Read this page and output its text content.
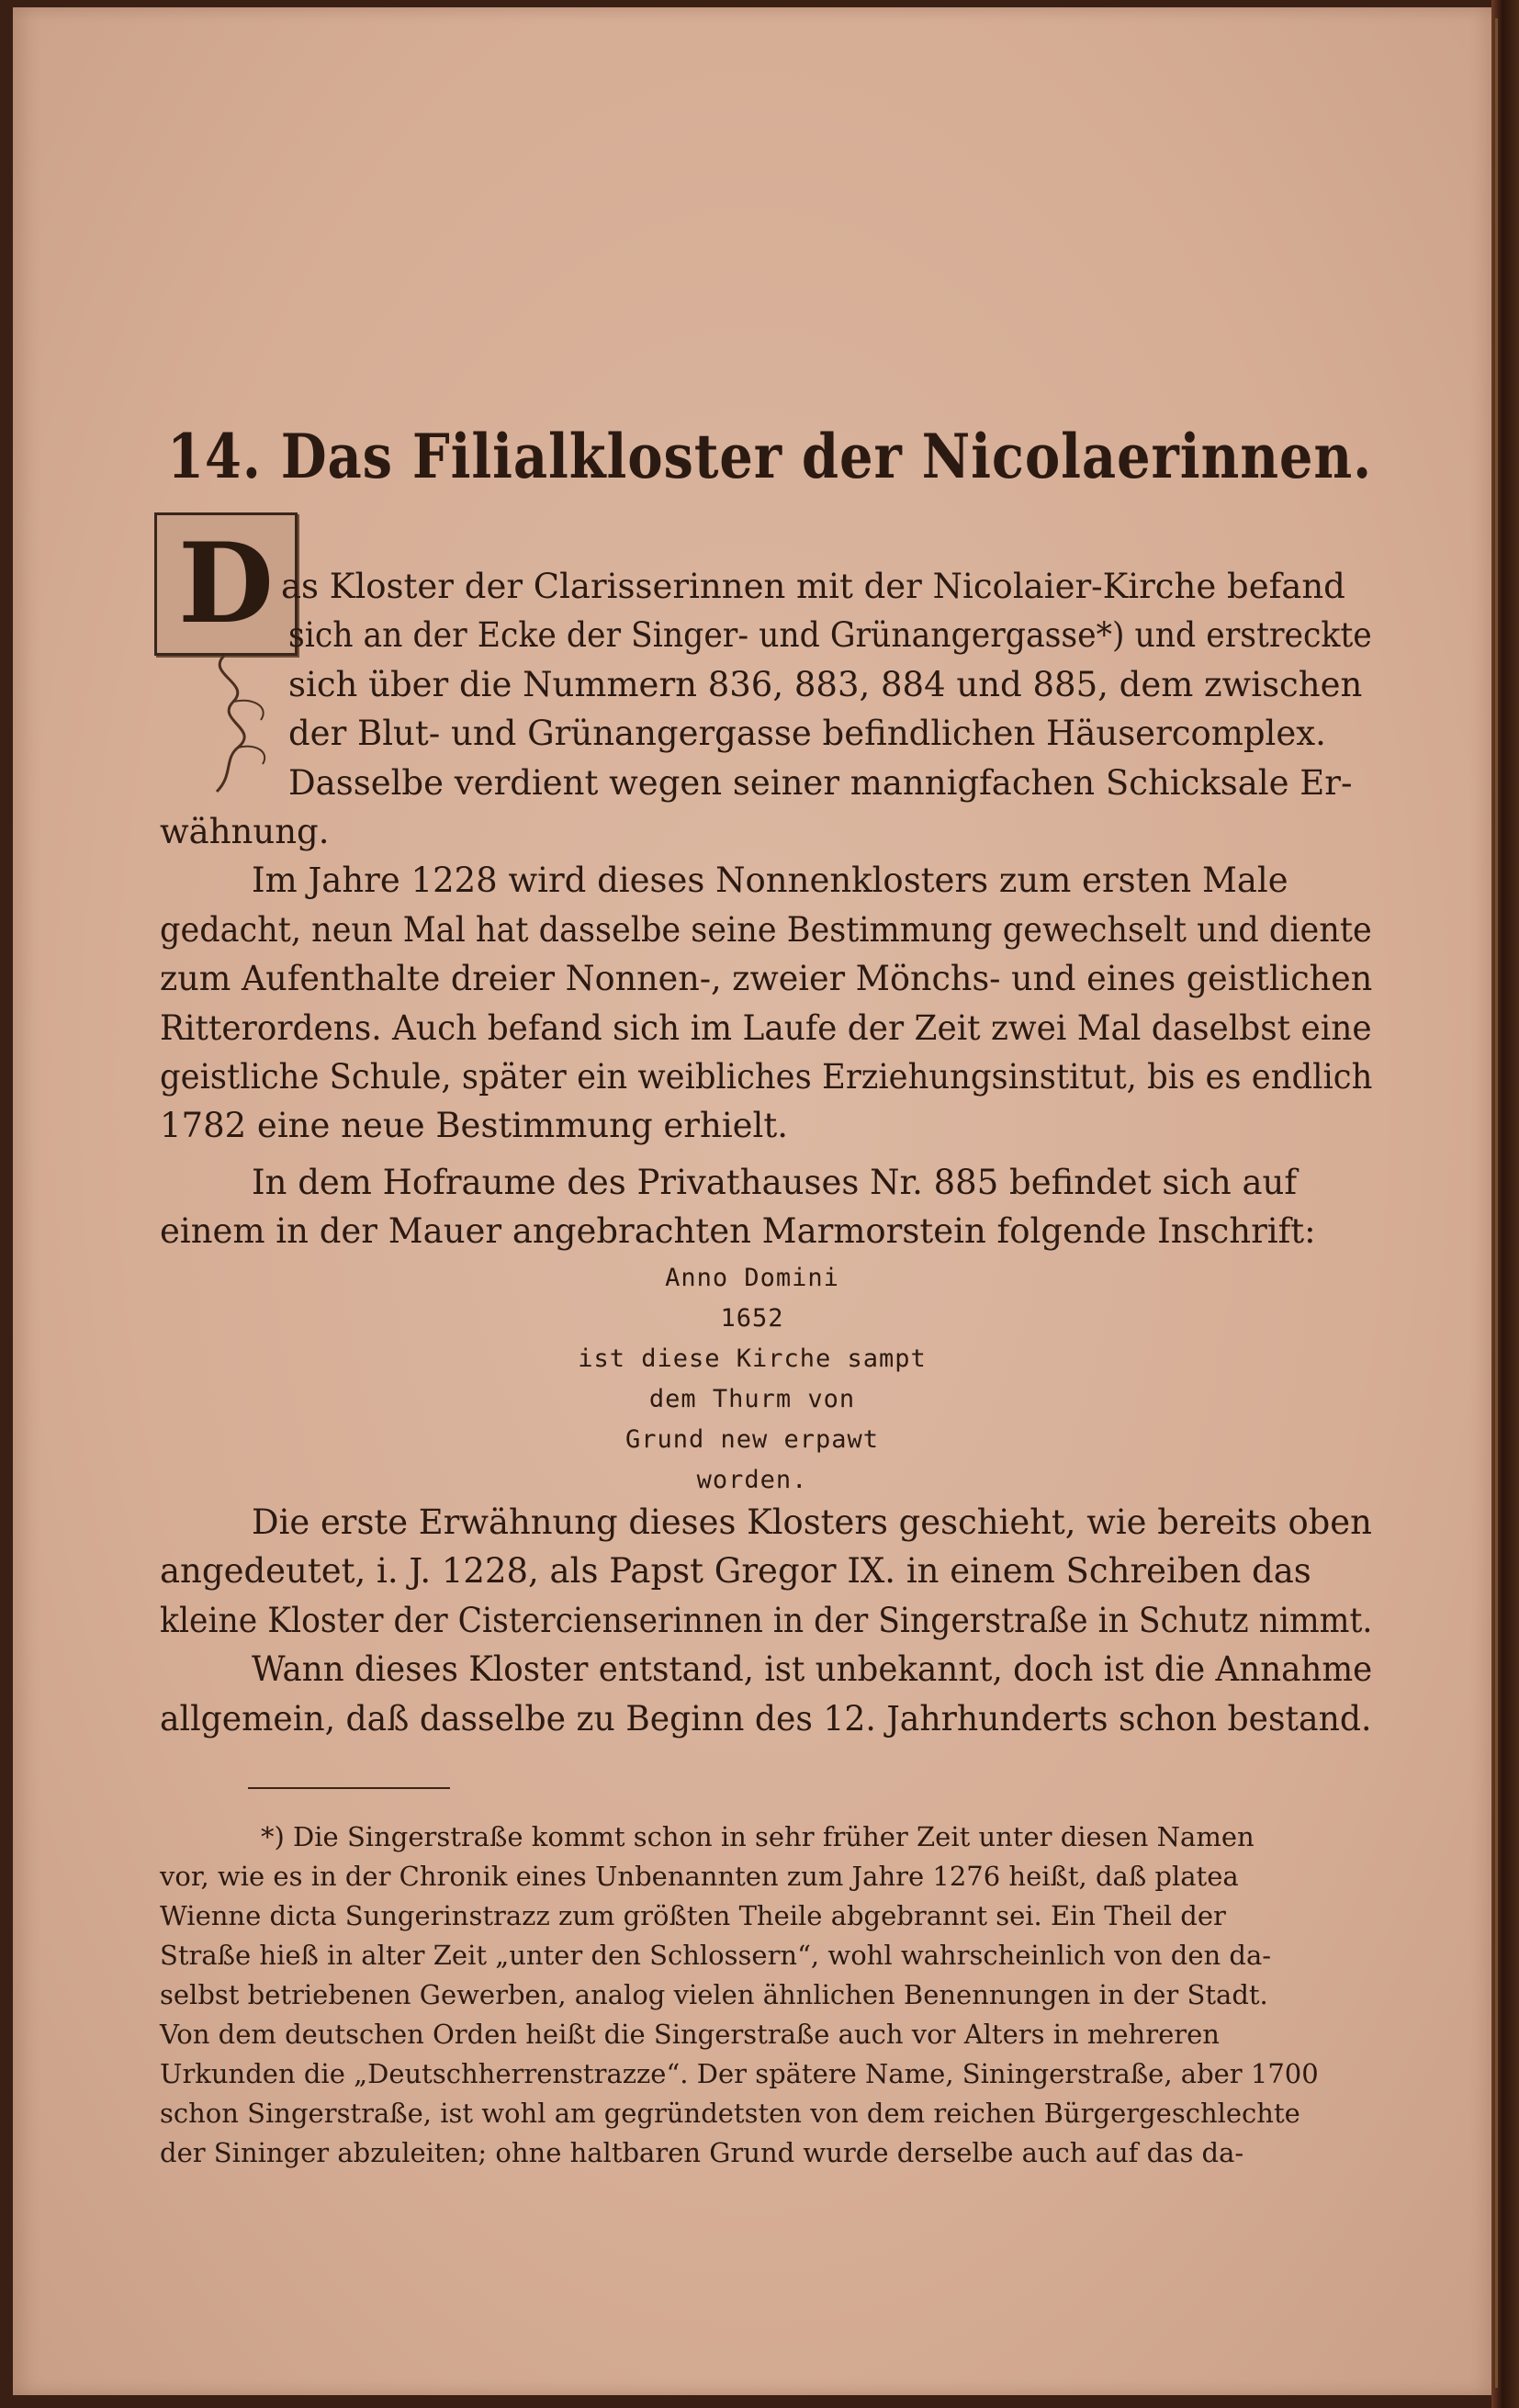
14. Das Filialkloster der Nicolaerinnen.
D as Kloster der Clarisserinnen mit der Nicolaier-Kirche befand
sich an der Ecke der Singer- und Grünangergasse*) und erstreckte
sich über die Nummern 836, 883, 884 und 885, dem zwischen
der Blut- und Grünangergasse befindlichen Häusercomplex.
Dasselbe verdient wegen seiner mannigfachen Schicksale Er-
wähnung.
Im Jahre 1228 wird dieses Nonnenklosters zum ersten Male
gedacht, neun Mal hat dasselbe seine Bestimmung gewechselt und diente
zum Aufenthalte dreier Nonnen-, zweier Mönchs- und eines geistlichen
Ritterordens. Auch befand sich im Laufe der Zeit zwei Mal daselbst eine
geistliche Schule, später ein weibliches Erziehungsinstitut, bis es endlich
1782 eine neue Bestimmung erhielt.
In dem Hofraume des Privathauses Nr. 885 befindet sich auf
einem in der Mauer angebrachten Marmorstein folgende Inschrift:
Anno Domini
1652
ist diese Kirche sampt
dem Thurm von
Grund new erpawt
worden.
Die erste Erwähnung dieses Klosters geschieht, wie bereits oben
angedeutet, i. J. 1228, als Papst Gregor IX. in einem Schreiben das
kleine Kloster der Cistercienserinnen in der Singerstraße in Schutz nimmt.
Wann dieses Kloster entstand, ist unbekannt, doch ist die Annahme
allgemein, daß dasselbe zu Beginn des 12. Jahrhunderts schon bestand.
*) Die Singerstraße kommt schon in sehr früher Zeit unter diesen Namen
vor, wie es in der Chronik eines Unbenannten zum Jahre 1276 heißt, daß platea
Wienne dicta Sungerinstrazz zum größten Theile abgebrannt sei. Ein Theil der
Straße hieß in alter Zeit „unter den Schlossern“, wohl wahrscheinlich von den da-
selbst betriebenen Gewerben, analog vielen ähnlichen Benennungen in der Stadt.
Von dem deutschen Orden heißt die Singerstraße auch vor Alters in mehreren
Urkunden die „Deutschherrenstrazze“. Der spätere Name, Siningerstraße, aber 1700
schon Singerstraße, ist wohl am gegründetsten von dem reichen Bürgergeschlechte
der Sininger abzuleiten; ohne haltbaren Grund wurde derselbe auch auf das da-
